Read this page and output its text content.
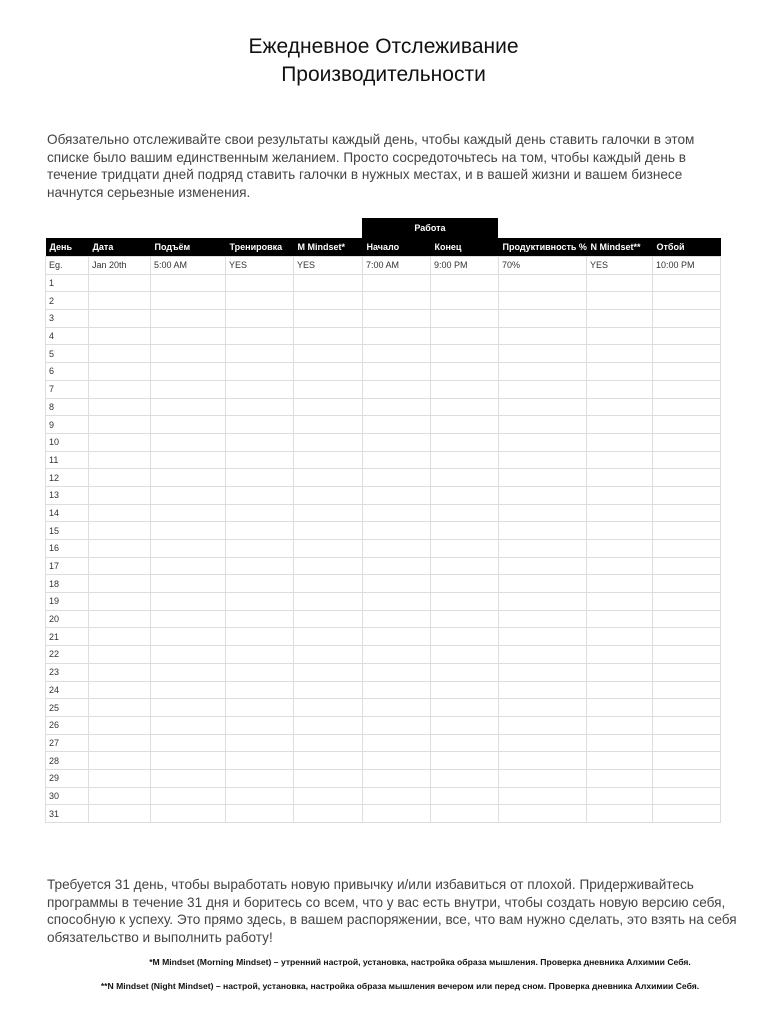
Ежедневное Отслеживание
Производительности
Обязательно отслеживайте свои результаты каждый день, чтобы каждый день ставить галочки в этом списке было вашим единственным желанием. Просто сосредоточьтесь на том, чтобы каждый день в течение тридцати дней подряд ставить галочки в нужных местах, и в вашей жизни и вашем бизнесе начнутся серьезные изменения.
Работа
День	Дата	Подъём	Тренировка	M Mindset*	Начало	Конец	Продуктивность %	N Mindset**	Отбой
Eg.	Jan 20th	5:00 AM	YES	YES	7:00 AM	9:00 PM	70%	YES	10:00 PM
1									
2									
3									
4									
5									
6									
7									
8									
9									
10									
11									
12									
13									
14									
15									
16									
17									
18									
19									
20									
21									
22									
23									
24									
25									
26									
27									
28									
29									
30									
31									
Требуется 31 день, чтобы выработать новую привычку и/или избавиться от плохой. Придерживайтесь программы в течение 31 дня и боритесь со всем, что у вас есть внутри, чтобы создать новую версию себя, способную к успеху. Это прямо здесь, в вашем распоряжении, все, что вам нужно сделать, это взять на себя обязательство и выполнить работу!
*M Mindset (Morning Mindset) – утренний настрой, установка, настройка образа мышления. Проверка дневника Алхимии Себя.
**N Mindset (Night Mindset) – настрой, установка, настройка образа мышления вечером или перед сном. Проверка дневника Алхимии Себя.
